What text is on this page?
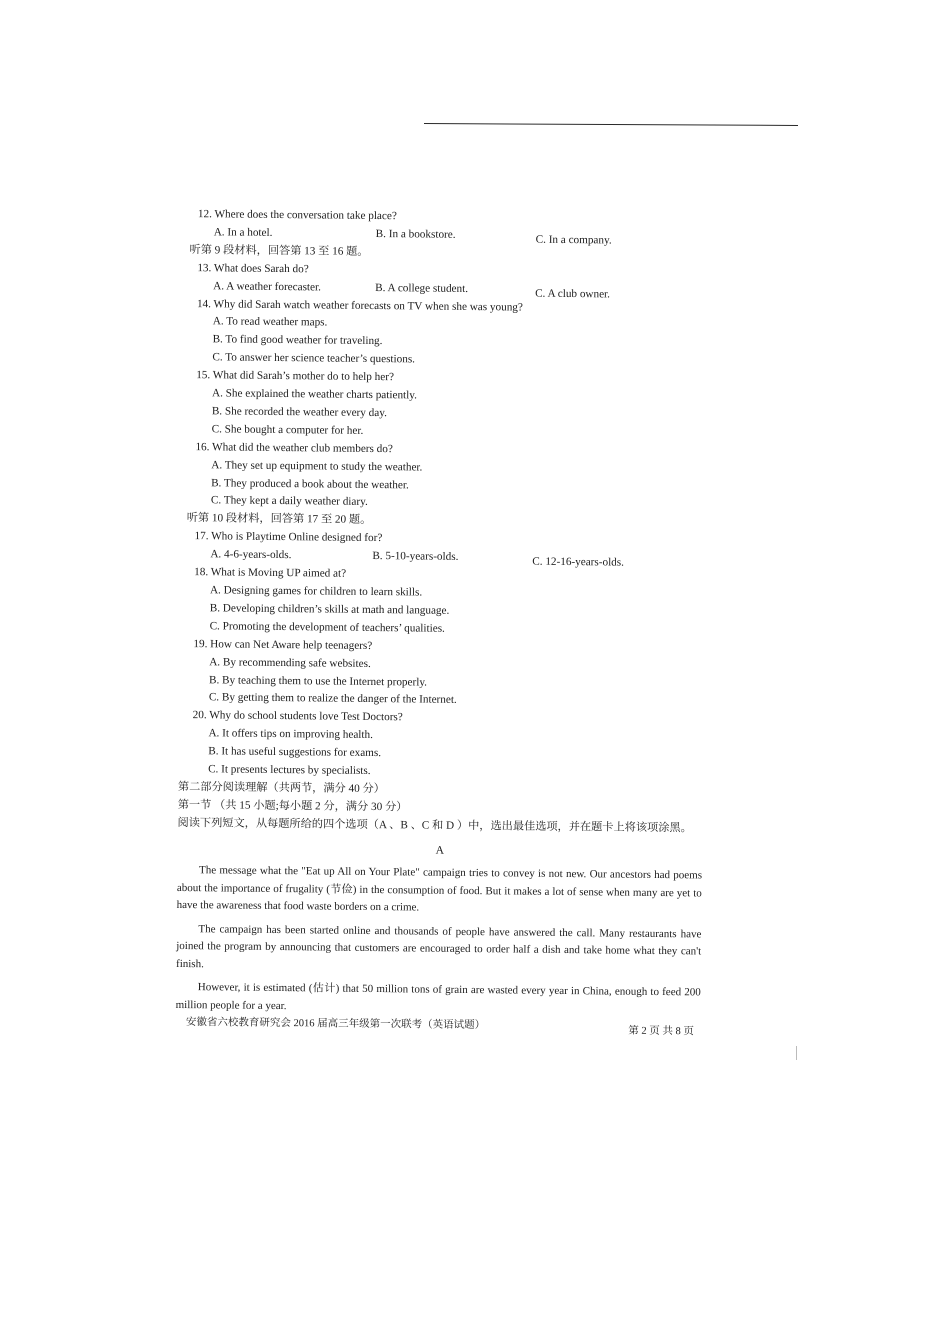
12. Where does the conversation take place?
A. In a hotel.	B. In a bookstore.	C. In a company.
听第 9 段材料，回答第 13 至 16 题。
13. What does Sarah do?
A. A weather forecaster.	B. A college student.	C. A club owner.
14. Why did Sarah watch weather forecasts on TV when she was young?
A. To read weather maps.
B. To find good weather for traveling.
C. To answer her science teacher’s questions.
15. What did Sarah’s mother do to help her?
A. She explained the weather charts patiently.
B. She recorded the weather every day.
C. She bought a computer for her.
16. What did the weather club members do?
A. They set up equipment to study the weather.
B. They produced a book about the weather.
C. They kept a daily weather diary.
听第 10 段材料，回答第 17 至 20 题。
17. Who is Playtime Online designed for?
A. 4-6-years-olds.	B. 5-10-years-olds.	C. 12-16-years-olds.
18. What is Moving UP aimed at?
A. Designing games for children to learn skills.
B. Developing children’s skills at math and language.
C. Promoting the development of teachers’ qualities.
19. How can Net Aware help teenagers?
A. By recommending safe websites.
B. By teaching them to use the Internet properly.
C. By getting them to realize the danger of the Internet.
20. Why do school students love Test Doctors?
A. It offers tips on improving health.
B. It has useful suggestions for exams.
C. It presents lectures by specialists.
第二部分阅读理解（共两节，满分 40 分）
第一节 （共 15 小题;每小题 2 分，满分 30 分）
阅读下列短文，从每题所给的四个选项（A 、B 、C 和 D ）中，选出最佳选项，并在题卡上将该项涂黑。
A
The message what the "Eat up All on Your Plate" campaign tries to convey is not new. Our ancestors had poems about the importance of frugality (节俭) in the consumption of food. But it makes a lot of sense when many are yet to have the awareness that food waste borders on a crime.
The campaign has been started online and thousands of people have answered the call. Many restaurants have joined the program by announcing that customers are encouraged to order half a dish and take home what they can't finish.
However, it is estimated (估计) that 50 million tons of grain are wasted every year in China, enough to feed 200 million people for a year.
安徽省六校教育研究会 2016 届高三年级第一次联考（英语试题）
第 2 页 共 8 页
